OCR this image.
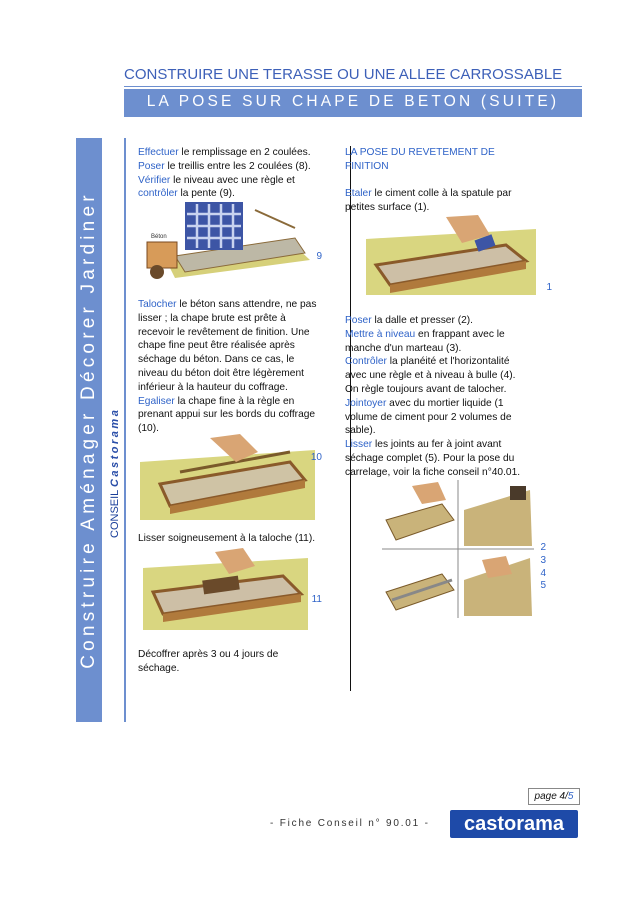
Construire Aménager Décorer Jardiner CONSEIL Castorama
CONSTRUIRE UNE TERASSE OU UNE ALLEE CARROSSABLE
LA POSE SUR CHAPE DE BETON (SUITE)
Effectuer le remplissage en 2 coulées.
Poser le treillis entre les 2 coulées (8).
Vérifier le niveau avec une règle et
contrôler la pente (9).
Béton
9
Talocher le béton sans attendre, ne pas
lisser ; la chape brute est prête à
recevoir le revêtement de finition. Une
chape fine peut être réalisée après
séchage du béton. Dans ce cas, le
niveau du béton doit être légèrement
inférieur à la hauteur du coffrage.
Egaliser la chape fine à la règle en
prenant appui sur les bords du coffrage
(10).
10
Lisser soigneusement à la taloche (11).
11
Décoffrer après 3 ou 4 jours de
séchage.
LA POSE DU REVETEMENT DE
FINITION
Etaler le ciment colle à la spatule par
petites surface (1).
1
Poser la dalle et presser (2).
Mettre à niveau en frappant avec le
manche d'un marteau (3).
Contrôler la planéité et l'horizontalité
avec une règle et à niveau à bulle (4).
On règle toujours avant de talocher.
Jointoyer avec du mortier liquide (1
volume de ciment pour 2 volumes de
sable).
Lisser les joints au fer à joint avant
séchage complet (5). Pour la pose du
carrelage, voir la fiche conseil n°40.01.
2
3
4
5
page 4/5
- Fiche Conseil n° 90.01 -	castorama
